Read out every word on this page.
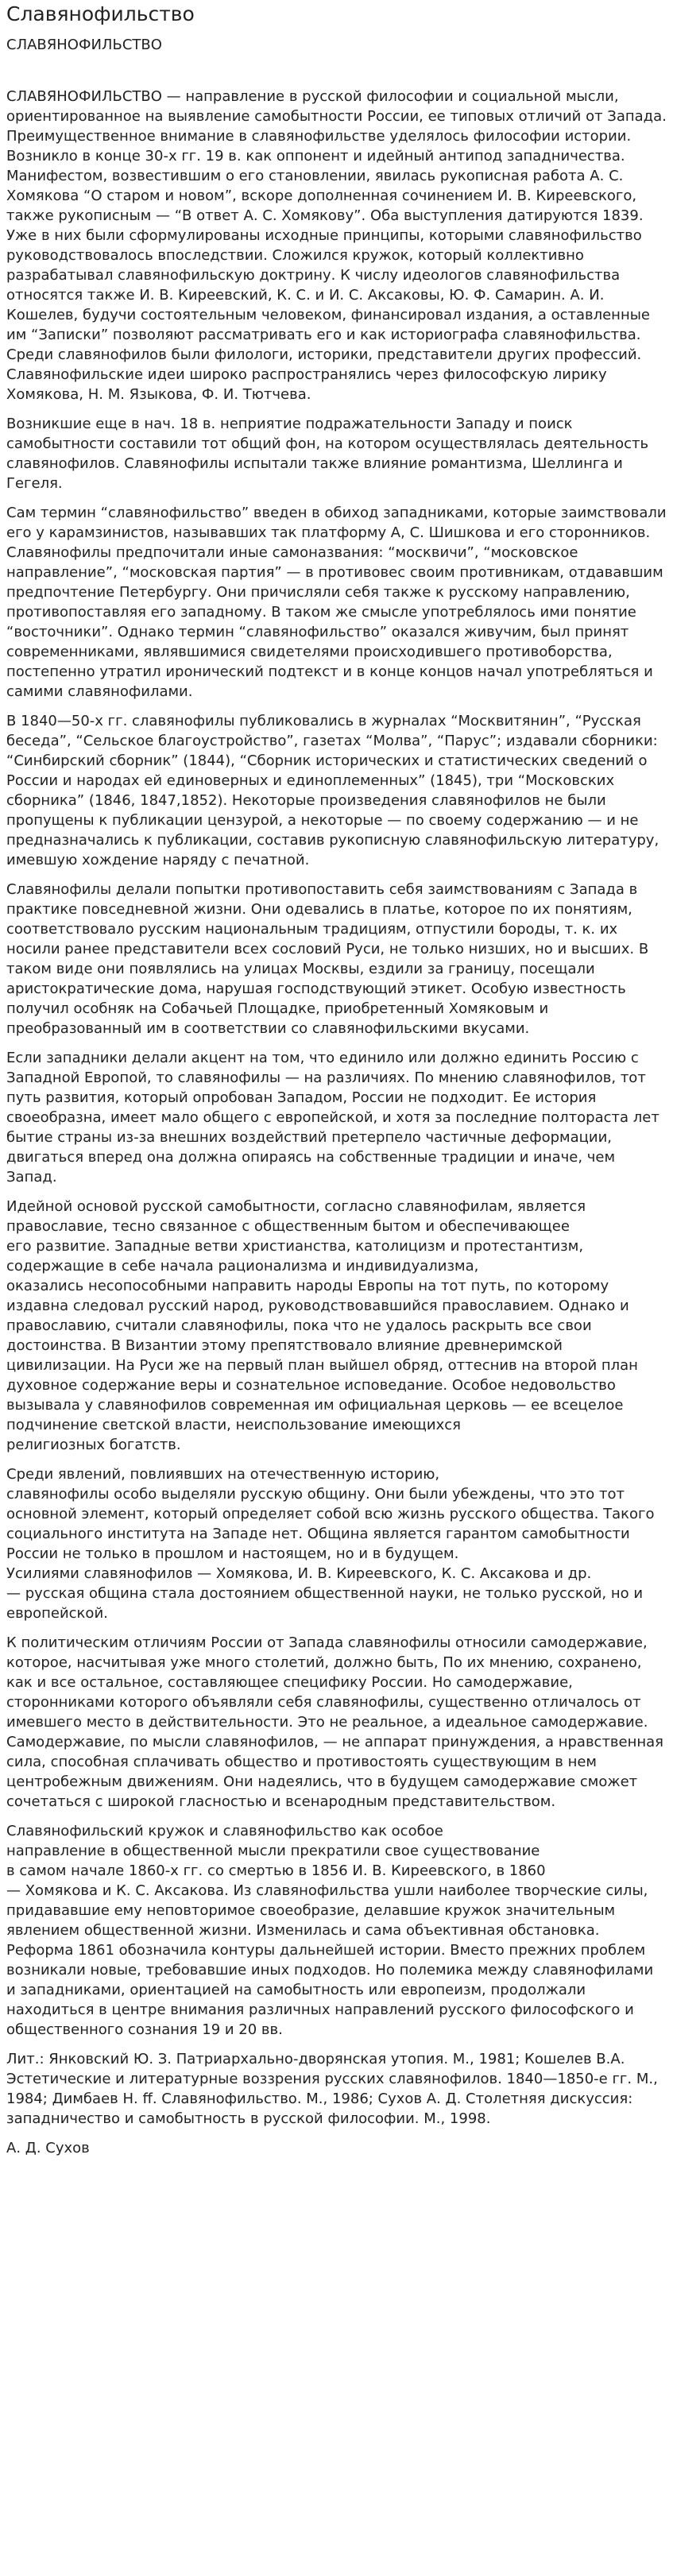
Славянофильство
СЛАВЯНОФИЛЬСТВО

СЛАВЯНОФИЛЬСТВО — направление в русской философии и социальной мысли, ориентированное на выявление самобытности России, ее типовых отличий от Запада. Преимущественное внимание в славянофильстве уделялось философии истории. Возникло в конце 30-х гг. 19 в. как оппонент и идейный антипод западничества. Манифестом, возвестившим о его становлении, явилась рукописная работа А. С. Хомякова “О старом и новом”, вскоре дополненная сочинением И. В. Киреевского, также рукописным — “В ответ А. С. Хомякову”. Оба выступления датируются 1839. Уже в них были сформулированы исходные принципы, которыми славянофильство руководствовалось впоследствии. Сложился кружок, который коллективно разрабатывал славянофильскую доктрину. К числу идеологов славянофильства относятся также И. В. Киреевский, К. С. и И. С. Аксаковы, Ю. Ф. Самарин. А. И. Кошелев, будучи состоятельным человеком, финансировал издания, а оставленные им “Записки” позволяют рассматривать его и как историографа славянофильства. Среди славянофилов были филологи, историки, представители других профессий. Славянофильские идеи широко распространялись через философскую лирику Хомякова, Н. М. Языкова, Ф. И. Тютчева.

Возникшие еще в нач. 18 в. неприятие подражательности Западу и поиск самобытности составили тот общий фон, на котором осуществлялась деятельность славянофилов. Славянофилы испытали также влияние романтизма, Шеллинга и Гегеля.

Сам термин “славянофильство” введен в обиход западниками, которые заимствовали его у карамзинистов, называвших так платформу А, С. Шишкова и его сторонников. Славянофилы предпочитали иные самоназвания: “москвичи”, “московское направление”, “московская партия” — в противовес своим противникам, отдававшим предпочтение Петербургу. Они причисляли себя также к русскому направлению, противопоставляя его западному. В таком же смысле употреблялось ими понятие “восточники”. Однако термин “славянофильство” оказался живучим, был принят современниками, являвшимися свидетелями происходившего противоборства, постепенно утратил иронический подтекст и в конце концов начал употребляться и самими славянофилами.

В 1840—50-х гг. славянофилы публиковались в журналах “Москвитянин”, “Русская беседа”, “Сельское благоустройство”, газетах “Молва”, “Парус”; издавали сборники: “Синбирский сборник” (1844), “Сборник исторических и статистических сведений о России и народах ей единоверных и единоплеменных” (1845), три “Московских сборника” (1846, 1847,1852). Некоторые произведения славянофилов не были пропущены к публикации цензурой, а некоторые — по своему содержанию — и не предназначались к публикации, составив рукописную славянофильскую литературу, имевшую хождение наряду с печатной.

Славянофилы делали попытки противопоставить себя заимствованиям с Запада в практике повседневной жизни. Они одевались в платье, которое по их понятиям, соответствовало русским национальным традициям, отпустили бороды, т. к. их носили ранее представители всех сословий Руси, не только низших, но и высших. В таком виде они появлялись на улицах Москвы, ездили за границу, посещали аристократические дома, нарушая господствующий этикет. Особую известность получил особняк на Собачьей Площадке, приобретенный Хомяковым и преобразованный им в соответствии со славянофильскими вкусами.

Если западники делали акцент на том, что единило или должно единить Россию с Западной Европой, то славянофилы — на различиях. По мнению славянофилов, тот путь развития, который опробован Западом, России не подходит. Ее история своеобразна, имеет мало общего с европейской, и хотя за последние полтораста лет бытие страны из-за внешних воздействий претерпело частичные деформации, двигаться вперед она должна опираясь на собственные традиции и иначе, чем Запад.

Идейной основой русской самобытности, согласно славянофилам, является православие, тесно связанное с общественным бытом и обеспечивающее
его развитие. Западные ветви христианства, католицизм и протестантизм, содержащие в себе начала рационализма и индивидуализма,
оказались несопособными направить народы Европы на тот путь, по которому издавна следовал русский народ, руководствовавшийся православием. Однако и православию, считали славянофилы, пока что не удалось раскрыть все свои достоинства. В Византии этому препятствовало влияние древнеримской цивилизации. На Руси же на первый план выйшел обряд, оттеснив на второй план духовное содержание веры и сознательное исповедание. Особое недовольство вызывала у славянофилов современная им официальная церковь — ее всецелое подчинение светской власти, неиспользование имеющихся
религиозных богатств.

Среди явлений, повлиявших на отечественную историю,
славянофилы особо выделяли русскую общину. Они были убеждены, что это тот основной элемент, который определяет собой всю жизнь русского общества. Такого социального института на Западе нет. Община является гарантом самобытности России не только в прошлом и настоящем, но и в будущем.
Усилиями славянофилов — Хомякова, И. В. Киреевского, К. С. Аксакова и др.
— русская община стала достоянием общественной науки, не только русской, но и европейской.

К политическим отличиям России от Запада славянофилы относили самодержавие, которое, насчитывая уже много столетий, должно быть, По их мнению, сохранено, как и все остальное, составляющее специфику России. Но самодержавие, сторонниками которого объявляли себя славянофилы, существенно отличалось от имевшего место в действительности. Это не реальное, а идеальное самодержавие. Самодержавие, по мысли славянофилов, — не аппарат принуждения, а нравственная сила, способная сплачивать общество и противостоять существующим в нем центробежным движениям. Они надеялись, что в будущем самодержавие сможет сочетаться с широкой гласностью и всенародным представительством.

Славянофильский кружок и славянофильство как особое
направление в общественной мысли прекратили свое существование
в самом начале 1860-х гг. со смертью в 1856 И. В. Киреевского, в 1860
— Хомякова и К. С. Аксакова. Из славянофильства ушли наиболее творческие силы, придававшие ему неповторимое своеобразие, делавшие кружок значительным явлением общественной жизни. Изменилась и сама объективная обстановка. Реформа 1861 обозначила контуры дальнейшей истории. Вместо прежних проблем возникали новые, требовавшие иных подходов. Но полемика между славянофилами и западниками, ориентацией на самобытность или европеизм, продолжали находиться в центре внимания различных направлений русского философского и общественного сознания 19 и 20 вв.

Лит.: Янковский Ю. З. Патриархально-дворянская утопия. М., 1981; Кошелев В.А. Эстетические и литературные воззрения русских славянофилов. 1840—1850-е гг. М., 1984; Димбаев Н. ff. Славянофильство. М., 1986; Сухов А. Д. Столетняя дискуссия: западничество и самобытность в русской философии. М., 1998.

А. Д. Сухов
